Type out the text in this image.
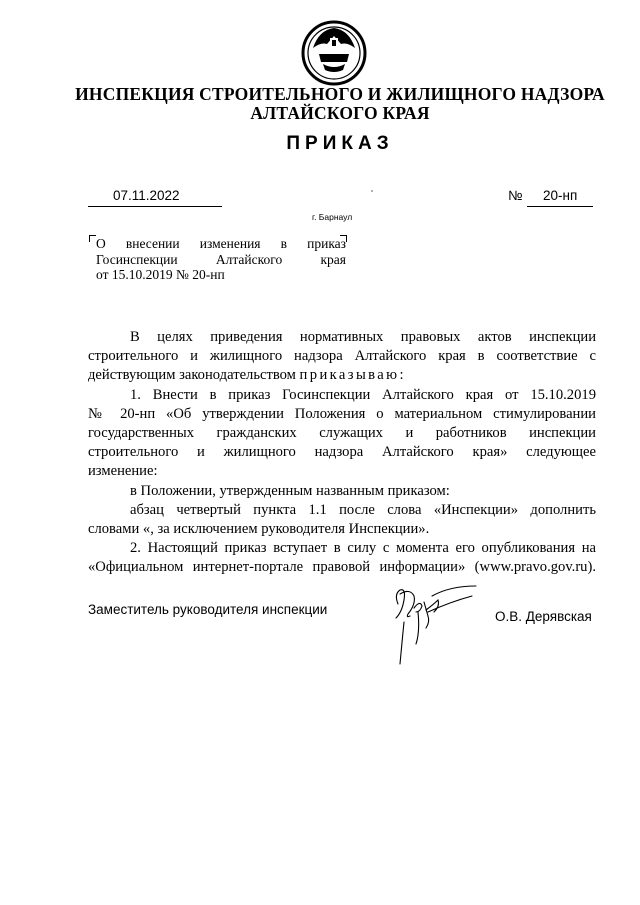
ИНСПЕКЦИЯ СТРОИТЕЛЬНОГО И ЖИЛИЩНОГО НАДЗОРА
АЛТАЙСКОГО КРАЯ
ПРИКАЗ
07.11.2022	№ 20-нп
г. Барнаул
О внесении изменения в приказ
Госинспекции Алтайского края
от 15.10.2019 № 20-нп
В целях приведения нормативных правовых актов инспекции
строительного и жилищного надзора Алтайского края в соответствие с
действующим законодательством приказываю:
1. Внести в приказ Госинспекции Алтайского края от 15.10.2019
№ 20-нп «Об утверждении Положения о материальном стимулировании
государственных гражданских служащих и работников инспекции
строительного и жилищного надзора Алтайского края» следующее
изменение:
в Положении, утвержденным названным приказом:
абзац четвертый пункта 1.1 после слова «Инспекции» дополнить
словами «, за исключением руководителя Инспекции».
2. Настоящий приказ вступает в силу с момента его опубликования на
«Официальном интернет-портале правовой информации» (www.pravo.gov.ru).
Заместитель руководителя инспекции	О.В. Дерявская
